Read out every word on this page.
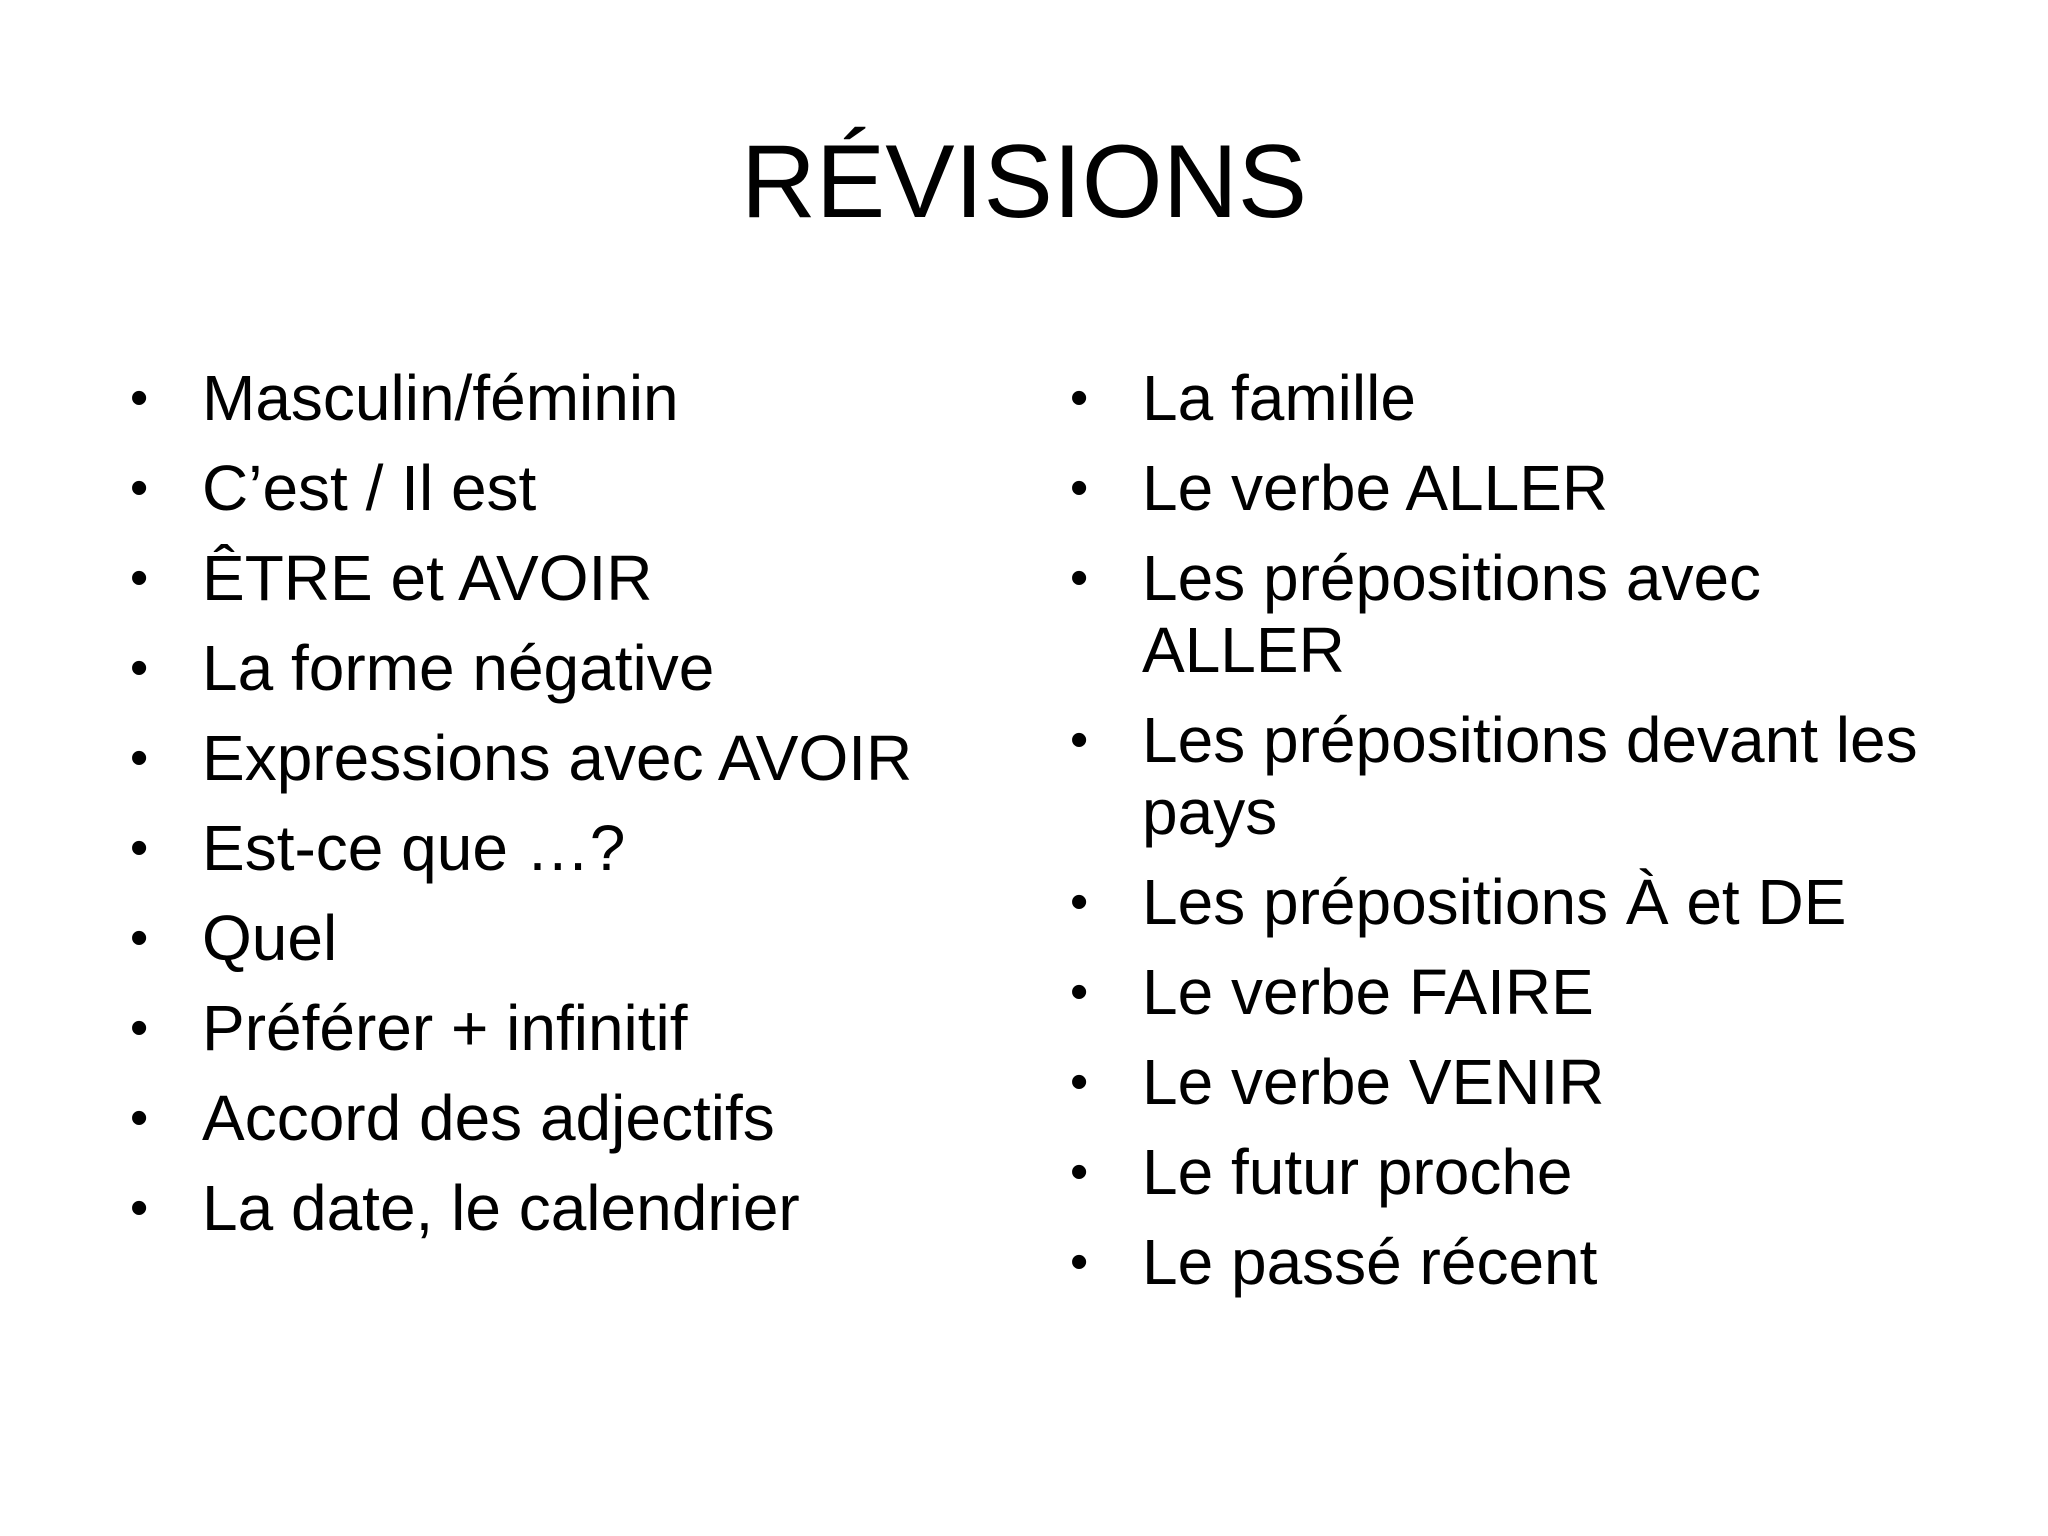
RÉVISIONS
• Masculin/féminin
• C’est / Il est
• ÊTRE et AVOIR
• La forme négative
• Expressions avec AVOIR
• Est-ce que …?
• Quel
• Préférer + infinitif
• Accord des adjectifs
• La date, le calendrier
• La famille
• Le verbe ALLER
• Les prépositions avec ALLER
• Les prépositions devant les pays
• Les prépositions À et DE
• Le verbe FAIRE
• Le verbe VENIR
• Le futur proche
• Le passé récent
